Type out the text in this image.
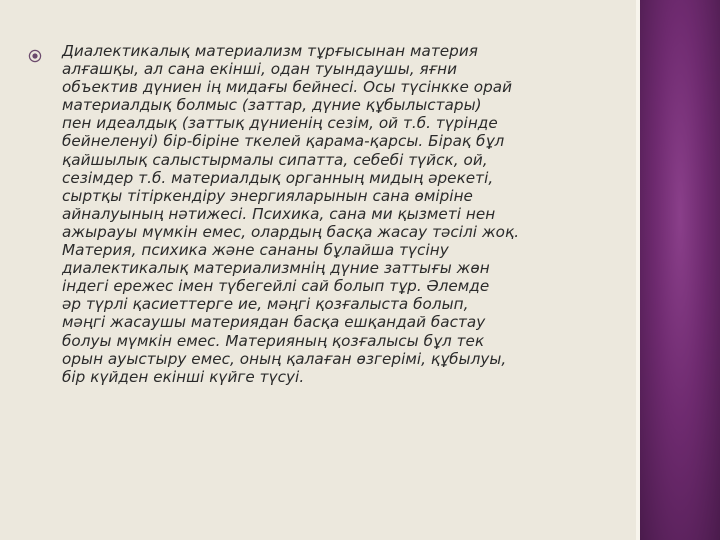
Диалектикалық материализм тұрғысынан материя
алғашқы, ал сана екінші, одан туындаушы, яғни
объектив дүниен ің мидағы бейнесі. Осы түсінкке орай
материалдық болмыс (заттар, дүние құбылыстары)
пен идеалдық (заттық дүниенің сезім, ой т.б. түрінде
бейнеленуі) бір-біріне ткелей қарама-қарсы. Бірақ бұл
қайшылық салыстырмалы сипатта, себебі түйск, ой,
сезімдер т.б. материалдық органның мидың әрекеті,
сыртқы тітіркендіру энергияларынын сана өміріне
айналуының нәтижесі. Психика, сана ми қызметі нен
ажырауы мүмкін емес, олардың басқа жасау тәсілі жоқ.
Материя, психика және сананы бұлайша түсіну
диалектикалық материализмнің дүние заттығы жөн
індегі ережес імен түбегейлі сай болып тұр. Әлемде
әр түрлі қасиеттерге ие, мәңгі қозғалыста болып,
мәңгі жасаушы материядан басқа ешқандай бастау
болуы мүмкін емес. Материяның қозғалысы бұл тек
орын ауыстыру емес, оның қалаған өзгерімі, құбылуы,
бір күйден екінші күйге түсуі.
